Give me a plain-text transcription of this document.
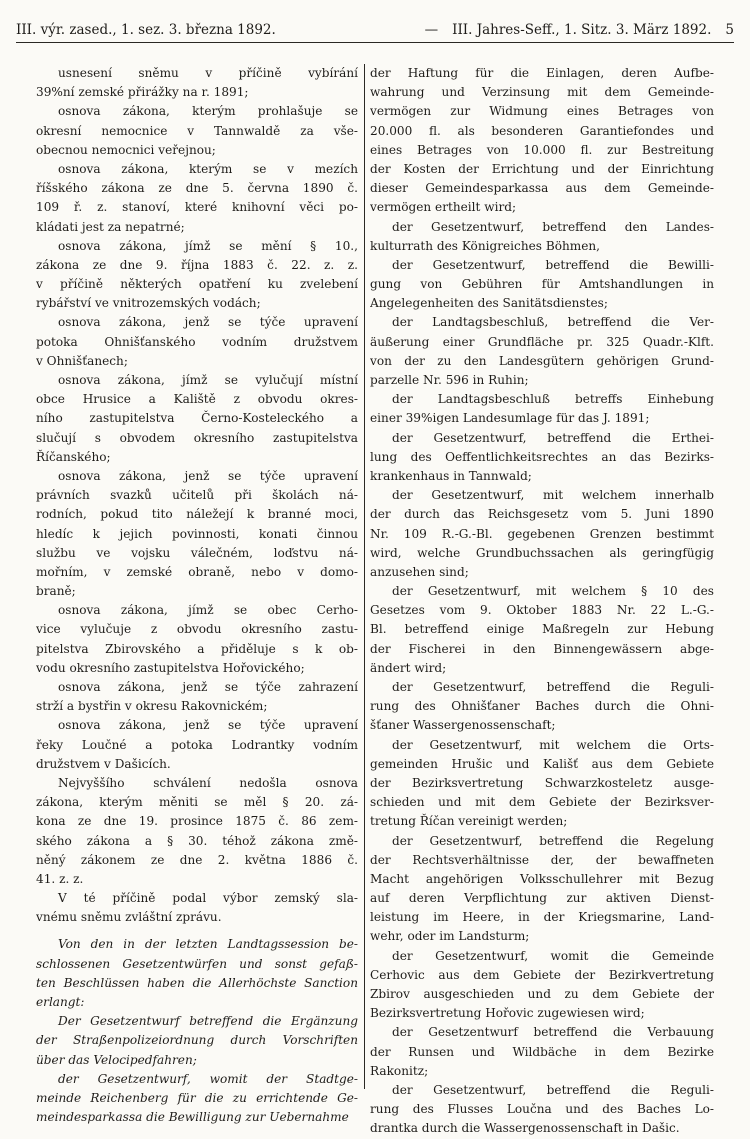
III. výr. zased., 1. sez. 3. března 1892.	— III. Jahres-Seff., 1. Sitz. 3. März 1892. 5
usnesení sněmu v příčině vybírání
39%ní zemské přirážky na r. 1891;
osnova zákona, kterým prohlašuje se
okresní nemocnice v Tannwaldě za vše-
obecnou nemocnici veřejnou;
osnova zákona, kterým se v mezích
říšského zákona ze dne 5. června 1890 č.
109 ř. z. stanoví, které knihovní věci po-
kládati jest za nepatrné;
osnova zákona, jímž se mění § 10.,
zákona ze dne 9. října 1883 č. 22. z. z.
v příčině některých opatření ku zvelebení
rybářství ve vnitrozemských vodách;
osnova zákona, jenž se týče upravení
potoka Ohnišťanského vodním družstvem
v Ohnišťanech;
osnova zákona, jímž se vylučují místní
obce Hrusice a Kaliště z obvodu okres-
ního zastupitelstva Černo-Kosteleckého a
slučují s obvodem okresního zastupitelstva
Říčanského;
osnova zákona, jenž se týče upravení
právních svazků učitelů při školách ná-
rodních, pokud tito náležejí k branné moci,
hledíc k jejich povinnosti, konati činnou
službu ve vojsku válečném, loďstvu ná-
mořním, v zemské obraně, nebo v domo-
braně;
osnova zákona, jímž se obec Cerho-
vice vylučuje z obvodu okresního zastu-
pitelstva Zbirovského a přiděluje s k ob-
vodu okresního zastupitelstva Hořovického;
osnova zákona, jenž se týče zahrazení
strží a bystřin v okresu Rakovnickém;
osnova zákona, jenž se týče upravení
řeky Loučné a potoka Lodrantky vodním
družstvem v Dašicích.
Nejvyššího schválení nedošla osnova
zákona, kterým měniti se měl § 20. zá-
kona ze dne 19. prosince 1875 č. 86 zem-
ského zákona a § 30. téhož zákona změ-
něný zákonem ze dne 2. května 1886 č.
41. z. z.
V té příčině podal výbor zemský sla-
vnému sněmu zvláštní zprávu.
Von den in der letzten Landtagssession be-
schlossenen Gesetzentwürfen und sonst gefaß-
ten Beschlüssen haben die Allerhöchste Sanction
erlangt:
Der Gesetzentwurf betreffend die Ergänzung
der Straßenpolizeiordnung durch Vorschriften
über das Velocipedfahren;
der Gesetzentwurf, womit der Stadtge-
meinde Reichenberg für die zu errichtende Ge-
meindesparkassa die Bewilligung zur Uebernahme
der Haftung für die Einlagen, deren Aufbe-
wahrung und Verzinsung mit dem Gemeinde-
vermögen zur Widmung eines Betrages von
20.000 fl. als besonderen Garantiefondes und
eines Betrages von 10.000 fl. zur Bestreitung
der Kosten der Errichtung und der Einrichtung
dieser Gemeindesparkassa aus dem Gemeinde-
vermögen ertheilt wird;
der Gesetzentwurf, betreffend den Landes-
kulturrath des Königreiches Böhmen,
der Gesetzentwurf, betreffend die Bewilli-
gung von Gebühren für Amtshandlungen in
Angelegenheiten des Sanitätsdienstes;
der Landtagsbeschluß, betreffend die Ver-
äußerung einer Grundfläche pr. 325 Quadr.-Klft.
von der zu den Landesgütern gehörigen Grund-
parzelle Nr. 596 in Ruhin;
der Landtagsbeschluß betreffs Einhebung
einer 39%igen Landesumlage für das J. 1891;
der Gesetzentwurf, betreffend die Erthei-
lung des Oeffentlichkeitsrechtes an das Bezirks-
krankenhaus in Tannwald;
der Gesetzentwurf, mit welchem innerhalb
der durch das Reichsgesetz vom 5. Juni 1890
Nr. 109 R.-G.-Bl. gegebenen Grenzen bestimmt
wird, welche Grundbuchssachen als geringfügig
anzusehen sind;
der Gesetzentwurf, mit welchem § 10 des
Gesetzes vom 9. Oktober 1883 Nr. 22 L.-G.-
Bl. betreffend einige Maßregeln zur Hebung
der Fischerei in den Binnengewässern abge-
ändert wird;
der Gesetzentwurf, betreffend die Reguli-
rung des Ohnišťaner Baches durch die Ohni-
šťaner Wassergenossenschaft;
der Gesetzentwurf, mit welchem die Orts-
gemeinden Hrušic und Kališť aus dem Gebiete
der Bezirksvertretung Schwarzkosteletz ausge-
schieden und mit dem Gebiete der Bezirksver-
tretung Říčan vereinigt werden;
der Gesetzentwurf, betreffend die Regelung
der Rechtsverhältnisse der, der bewaffneten
Macht angehörigen Volksschullehrer mit Bezug
auf deren Verpflichtung zur aktiven Dienst-
leistung im Heere, in der Kriegsmarine, Land-
wehr, oder im Landsturm;
der Gesetzentwurf, womit die Gemeinde
Cerhovic aus dem Gebiete der Bezirkvertretung
Zbirov ausgeschieden und zu dem Gebiete der
Bezirksvertretung Hořovic zugewiesen wird;
der Gesetzentwurf betreffend die Verbauung
der Runsen und Wildbäche in dem Bezirke
Rakonitz;
der Gesetzentwurf, betreffend die Reguli-
rung des Flusses Loučna und des Baches Lo-
drantka durch die Wassergenossenschaft in Dašic.
